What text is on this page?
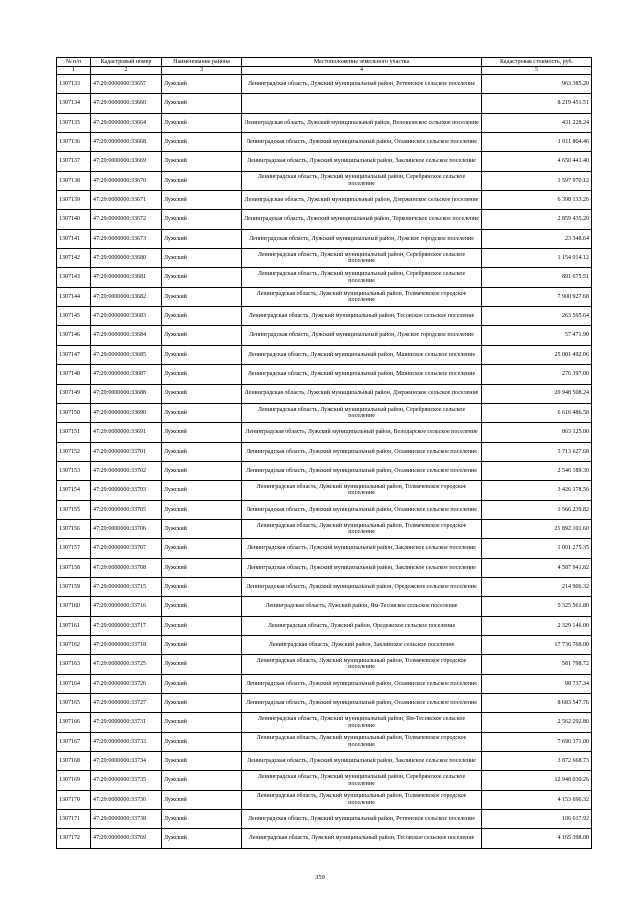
№ п/п	Кадастровый номер	Наименование района	Местоположение земельного участка	Кадастровая стоимость, руб.
1	2	3	4	5
1307133	47:29:0000000:33657	Лужский	Ленинградская область, Лужский муниципальный район, Ретюнское сельское поселение	963 385.20
1307134	47:29:0000000:33660	Лужский		8 219 451.51
1307135	47:29:0000000:33664	Лужский	Ленинградская область, Лужский муниципальный район, Волошовское сельское поселение	431 228.24
1307136	47:29:0000000:33668	Лужский	Ленинградская область, Лужский муниципальный район, Осьминское сельское поселение	1 011 804.46
1307137	47:29:0000000:33669	Лужский	Ленинградская область, Лужский муниципальный район, Заклинское сельское поселение	4 650 441.40
1307138	47:29:0000000:33670	Лужский	Ленинградская область, Лужский муниципальный район, Серебрянское сельское поселение	1 597 970.12
1307139	47:29:0000000:33671	Лужский	Ленинградская область, Лужский муниципальный район, Дзержинское сельское поселение	6 398 133.26
1307140	47:29:0000000:33672	Лужский	Ленинградская область, Лужский муниципальный район, Торковичское сельское поселение	2 859 435.20
1307141	47:29:0000000:33673	Лужский	Ленинградская область, Лужский муниципальный район, Лужское городское поселение	23 348.64
1307142	47:29:0000000:33680	Лужский	Ленинградская область, Лужский муниципальный район, Серебрянское сельское поселение	1 154 014.12
1307143	47:29:0000000:33681	Лужский	Ленинградская область, Лужский муниципальный район, Серебрянское сельское поселение	891 675.51
1307144	47:29:0000000:33682	Лужский	Ленинградская область, Лужский муниципальный район, Толмачевское городское поселение	7 900 927.68
1307145	47:29:0000000:33683	Лужский	Ленинградская область, Лужский муниципальный район, Тесовское сельское поселение	263 595.64
1307146	47:29:0000000:33684	Лужский	Ленинградская область, Лужский муниципальный район, Лужское городское поселение	57 471.90
1307147	47:29:0000000:33685	Лужский	Ленинградская область, Лужский муниципальный район, Мшинское сельское поселение	25 001 492.06
1307148	47:29:0000000:33687	Лужский	Ленинградская область, Лужский муниципальный район, Мшинское сельское поселение	276 397.00
1307149	47:29:0000000:33688	Лужский	Ленинградская область, Лужский муниципальный район, Дзержинское сельское поселение	20 948 508.24
1307150	47:29:0000000:33690	Лужский	Ленинградская область, Лужский муниципальный район, Серебрянское сельское поселение	6 616 486.58
1307151	47:29:0000000:33691	Лужский	Ленинградская область, Лужский муниципальный район, Володарское сельское поселение	863 125.00
1307152	47:29:0000000:33701	Лужский	Ленинградская область, Лужский муниципальный район, Осьминское сельское поселение	3 713 627.68
1307153	47:29:0000000:33702	Лужский	Ленинградская область, Лужский муниципальный район, Осьминское сельское поселение	2 546 189.30
1307154	47:29:0000000:33703	Лужский	Ленинградская область, Лужский муниципальный район, Толмачевское городское поселение	3 426 178.56
1307155	47:29:0000000:33705	Лужский	Ленинградская область, Лужский муниципальный район, Осьминское сельское поселение	1 566 239.82
1307156	47:29:0000000:33706	Лужский	Ленинградская область, Лужский муниципальный район, Толмачевское городское поселение	21 892 101.60
1307157	47:29:0000000:33707	Лужский	Ленинградская область, Лужский муниципальный район, Заклинское сельское поселение	1 001 275.35
1307158	47:29:0000000:33708	Лужский	Ленинградская область, Лужский муниципальный район, Заклинское сельское поселение	4 587 941.82
1307159	47:29:0000000:33715	Лужский	Ленинградская область, Лужский муниципальный район, Оредежское сельское поселение	214 906.32
1307160	47:29:0000000:33716	Лужский	Ленинградская область, Лужский район, Ям-Тесовское сельское поселение	5 325 561.80
1307161	47:29:0000000:33717	Лужский	Ленинградская область, Лужский район, Оредежское сельское поселение	2 329 146.00
1307162	47:29:0000000:33718	Лужский	Ленинградская область, Лужский район, Заклинское сельское поселение	17 736 768.00
1307163	47:29:0000000:33725	Лужский	Ленинградская область, Лужский муниципальный район, Толмачевское городское поселение	581 798.72
1307164	47:29:0000000:33726	Лужский	Ленинградская область, Лужский муниципальный район, Осьминское сельское поселение	98 737.34
1307165	47:29:0000000:33727	Лужский	Ленинградская область, Лужский муниципальный район, Осьминское сельское поселение	8 683 547.76
1307166	47:29:0000000:33731	Лужский	Ленинградская область, Лужский муниципальный район, Ям-Тесовское сельское поселение	2 562 292.80
1307167	47:29:0000000:33733	Лужский	Ленинградская область, Лужский муниципальный район, Толмачевское городское поселение	7 690 371.00
1307168	47:29:0000000:33734	Лужский	Ленинградская область, Лужский муниципальный район, Заклинское сельское поселение	3 872 668.73
1307169	47:29:0000000:33735	Лужский	Ленинградская область, Лужский муниципальный район, Серебрянское сельское поселение	12 948 030.26
1307170	47:29:0000000:33736	Лужский	Ленинградская область, Лужский муниципальный район, Толмачевское городское поселение	4 153 696.32
1307171	47:29:0000000:33738	Лужский	Ленинградская область, Лужский муниципальный район, Ретюнское сельское поселение	106 617.92
1307172	47:29:0000000:33769	Лужский	Ленинградская область, Лужский муниципальный район, Тесовское сельское поселение	4 165 398.08
359
